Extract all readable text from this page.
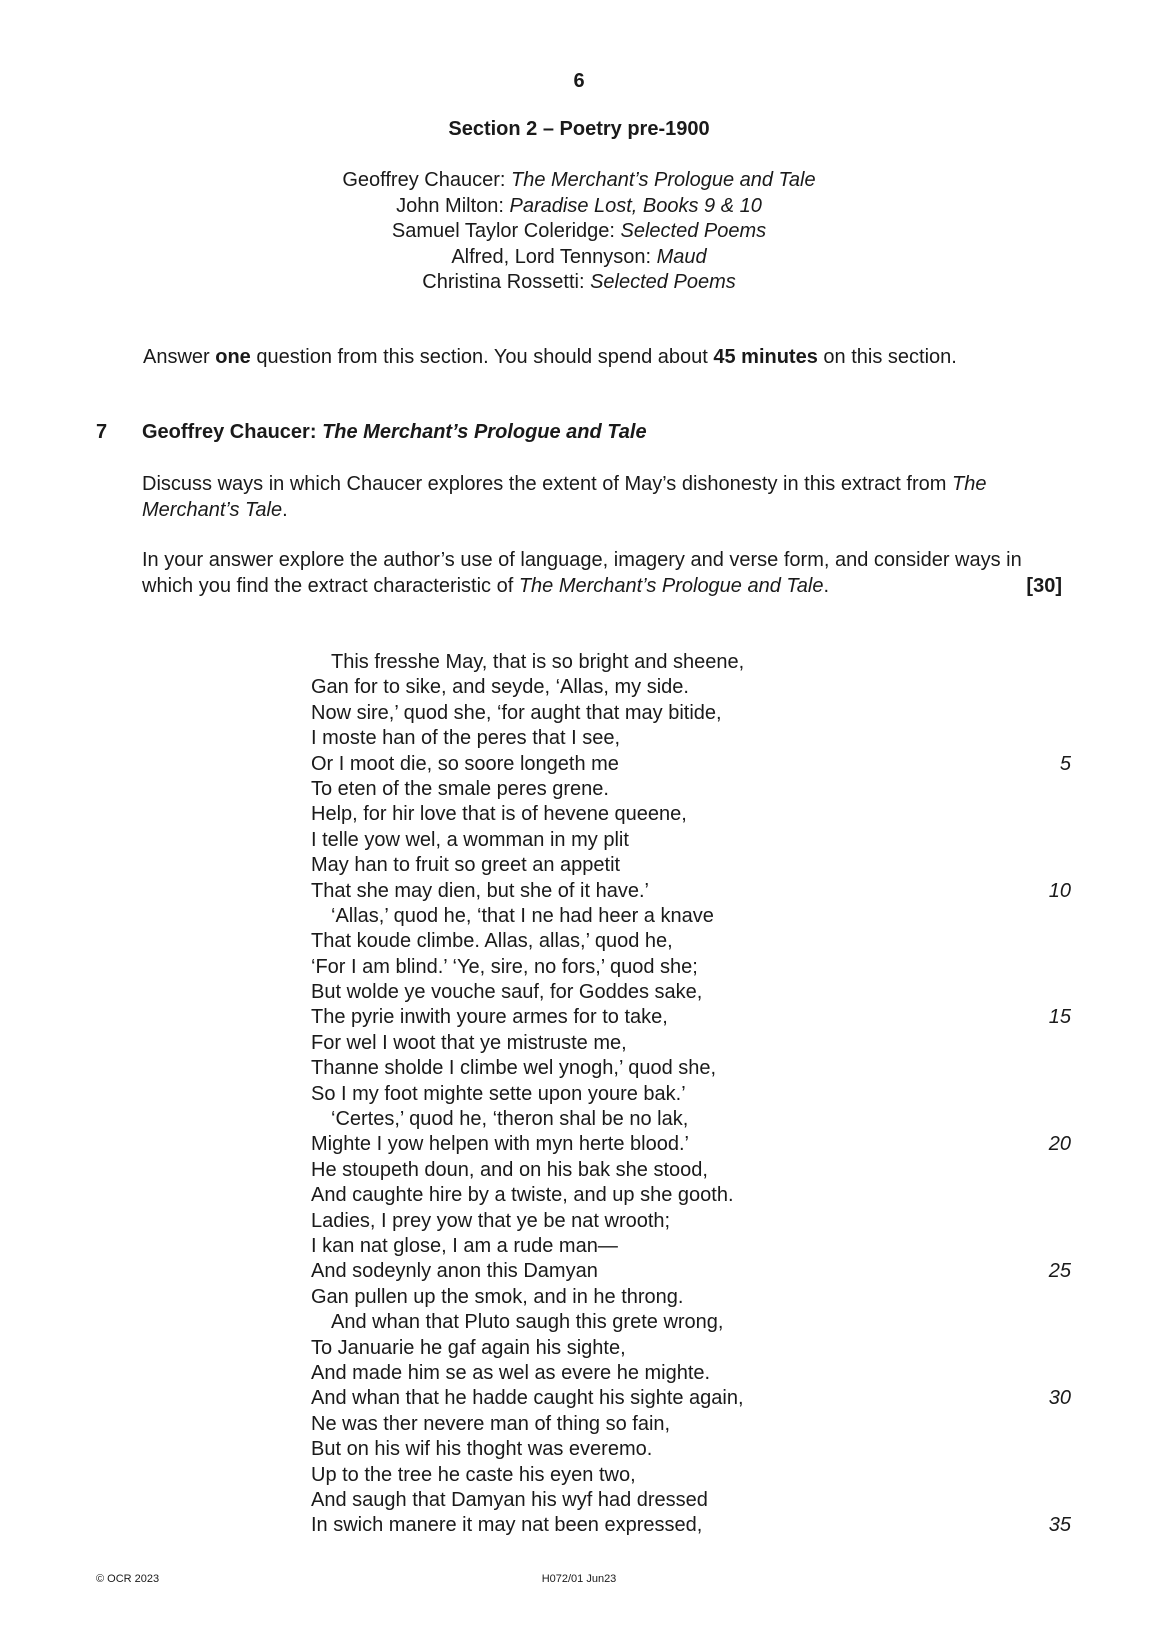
6
Section 2 – Poetry pre-1900
Geoffrey Chaucer: The Merchant’s Prologue and Tale
John Milton: Paradise Lost, Books 9 & 10
Samuel Taylor Coleridge: Selected Poems
Alfred, Lord Tennyson: Maud
Christina Rossetti: Selected Poems
Answer one question from this section. You should spend about 45 minutes on this section.
7 Geoffrey Chaucer: The Merchant’s Prologue and Tale
Discuss ways in which Chaucer explores the extent of May’s dishonesty in this extract from The Merchant’s Tale.
In your answer explore the author’s use of language, imagery and verse form, and consider ways in which you find the extract characteristic of The Merchant’s Prologue and Tale.	[30]
This fresshe May, that is so bright and sheene,
Gan for to sike, and seyde, ‘Allas, my side.
Now sire,’ quod she, ‘for aught that may bitide,
I moste han of the peres that I see,
Or I moot die, so soore longeth me	5
To eten of the smale peres grene.
Help, for hir love that is of hevene queene,
I telle yow wel, a womman in my plit
May han to fruit so greet an appetit
That she may dien, but she of it have.’	10
‘Allas,’ quod he, ‘that I ne had heer a knave
That koude climbe. Allas, allas,’ quod he,
‘For I am blind.’ ‘Ye, sire, no fors,’ quod she;
But wolde ye vouche sauf, for Goddes sake,
The pyrie inwith youre armes for to take,	15
For wel I woot that ye mistruste me,
Thanne sholde I climbe wel ynogh,’ quod she,
So I my foot mighte sette upon youre bak.’
‘Certes,’ quod he, ‘theron shal be no lak,
Mighte I yow helpen with myn herte blood.’	20
He stoupeth doun, and on his bak she stood,
And caughte hire by a twiste, and up she gooth.
Ladies, I prey yow that ye be nat wrooth;
I kan nat glose, I am a rude man—
And sodeynly anon this Damyan	25
Gan pullen up the smok, and in he throng.
And whan that Pluto saugh this grete wrong,
To Januarie he gaf again his sighte,
And made him se as wel as evere he mighte.
And whan that he hadde caught his sighte again,	30
Ne was ther nevere man of thing so fain,
But on his wif his thoght was everemo.
Up to the tree he caste his eyen two,
And saugh that Damyan his wyf had dressed
In swich manere it may nat been expressed,	35
© OCR 2023	H072/01 Jun23
